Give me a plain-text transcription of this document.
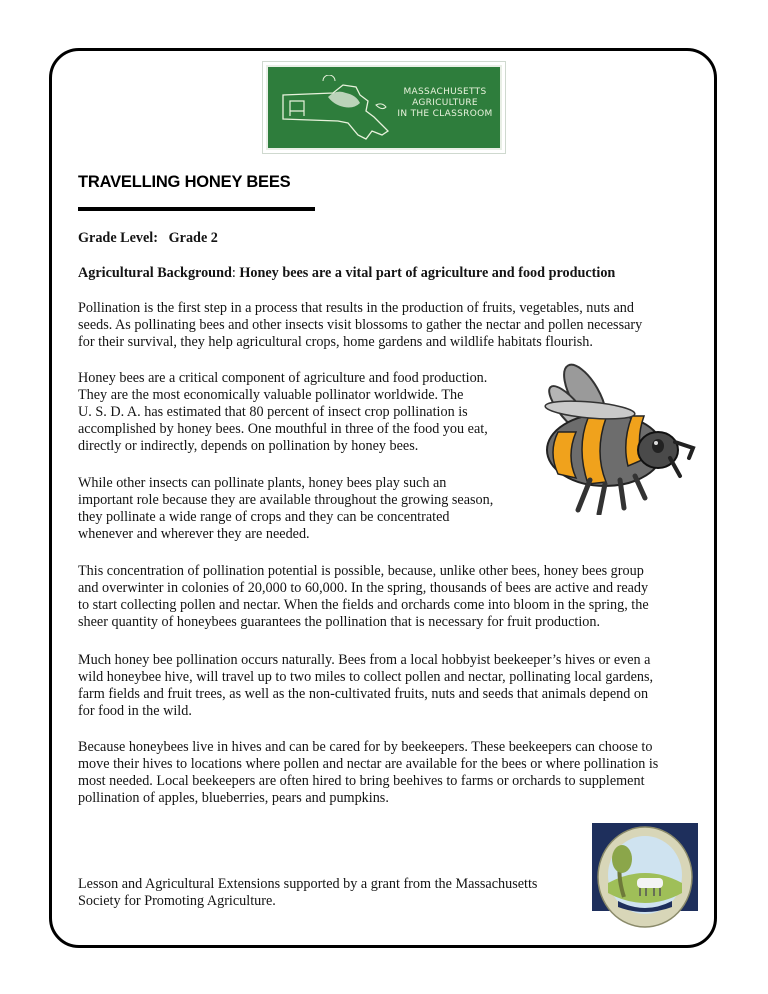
MASSACHUSETTS
AGRICULTURE
IN THE CLASSROOM
TRAVELLING HONEY BEES

Grade Level: Grade 2

Agricultural Background: Honey bees are a vital part of agriculture and food production

Pollination is the first step in a process that results in the production of fruits, vegetables, nuts and
seeds. As pollinating bees and other insects visit blossoms to gather the nectar and pollen necessary
for their survival, they help agricultural crops, home gardens and wildlife habitats flourish.

Honey bees are a critical component of agriculture and food production.
They are the most economically valuable pollinator worldwide. The
U. S. D. A. has estimated that 80 percent of insect crop pollination is
accomplished by honey bees. One mouthful in three of the food you eat,
directly or indirectly, depends on pollination by honey bees.

While other insects can pollinate plants, honey bees play such an
important role because they are available throughout the growing season,
they pollinate a wide range of crops and they can be concentrated
whenever and wherever they are needed.

This concentration of pollination potential is possible, because, unlike other bees, honey bees group
and overwinter in colonies of 20,000 to 60,000. In the spring, thousands of bees are active and ready
to start collecting pollen and nectar. When the fields and orchards come into bloom in the spring, the
sheer quantity of honeybees guarantees the pollination that is necessary for fruit production.

Much honey bee pollination occurs naturally. Bees from a local hobbyist beekeeper’s hives or even a
wild honeybee hive, will travel up to two miles to collect pollen and nectar, pollinating local gardens,
farm fields and fruit trees, as well as the non-cultivated fruits, nuts and seeds that animals depend on
for food in the wild.

Because honeybees live in hives and can be cared for by beekeepers. These beekeepers can choose to
move their hives to locations where pollen and nectar are available for the bees or where pollination is
most needed. Local beekeepers are often hired to bring beehives to farms or orchards to supplement
pollination of apples, blueberries, pears and pumpkins.

Lesson and Agricultural Extensions supported by a grant from the Massachusetts
Society for Promoting Agriculture.
